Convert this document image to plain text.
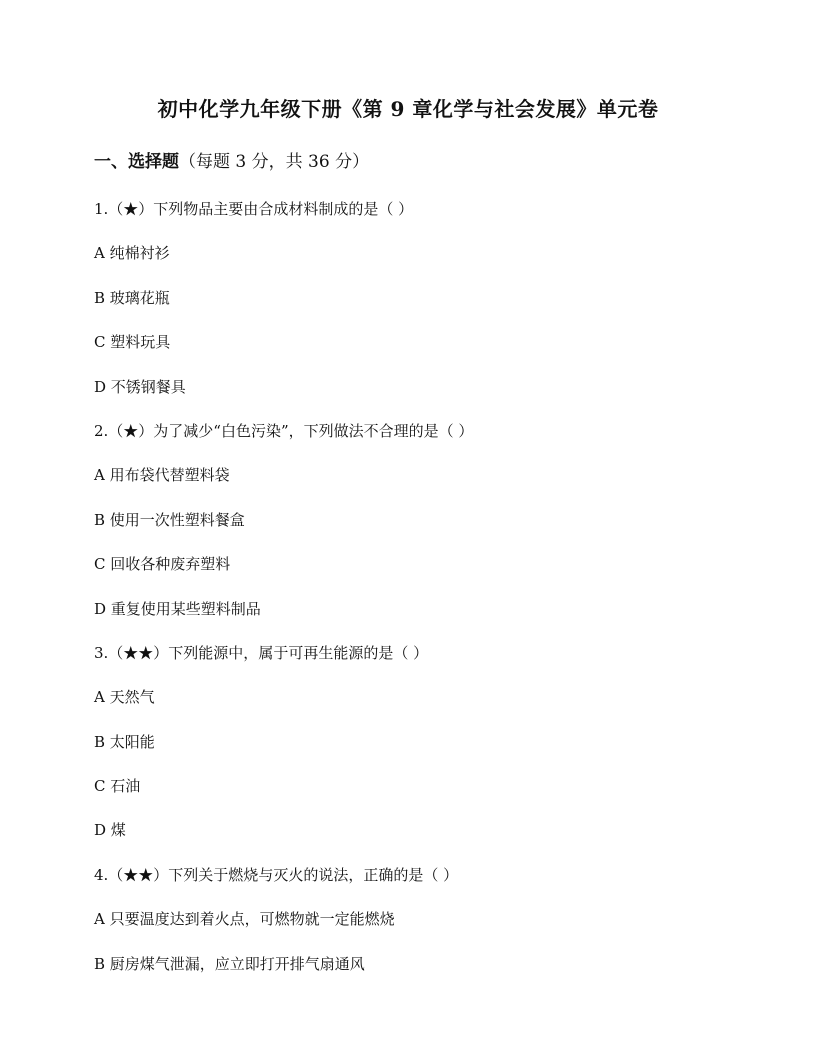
初中化学九年级下册《第 9 章化学与社会发展》单元卷
一、选择题（每题 3 分，共 36 分）
1.（★）下列物品主要由合成材料制成的是（ ）
A 纯棉衬衫
B 玻璃花瓶
C 塑料玩具
D 不锈钢餐具
2.（★）为了减少“白色污染”，下列做法不合理的是（ ）
A 用布袋代替塑料袋
B 使用一次性塑料餐盒
C 回收各种废弃塑料
D 重复使用某些塑料制品
3.（★★）下列能源中，属于可再生能源的是（ ）
A 天然气
B 太阳能
C 石油
D 煤
4.（★★）下列关于燃烧与灭火的说法，正确的是（ ）
A 只要温度达到着火点，可燃物就一定能燃烧
B 厨房煤气泄漏，应立即打开排气扇通风
